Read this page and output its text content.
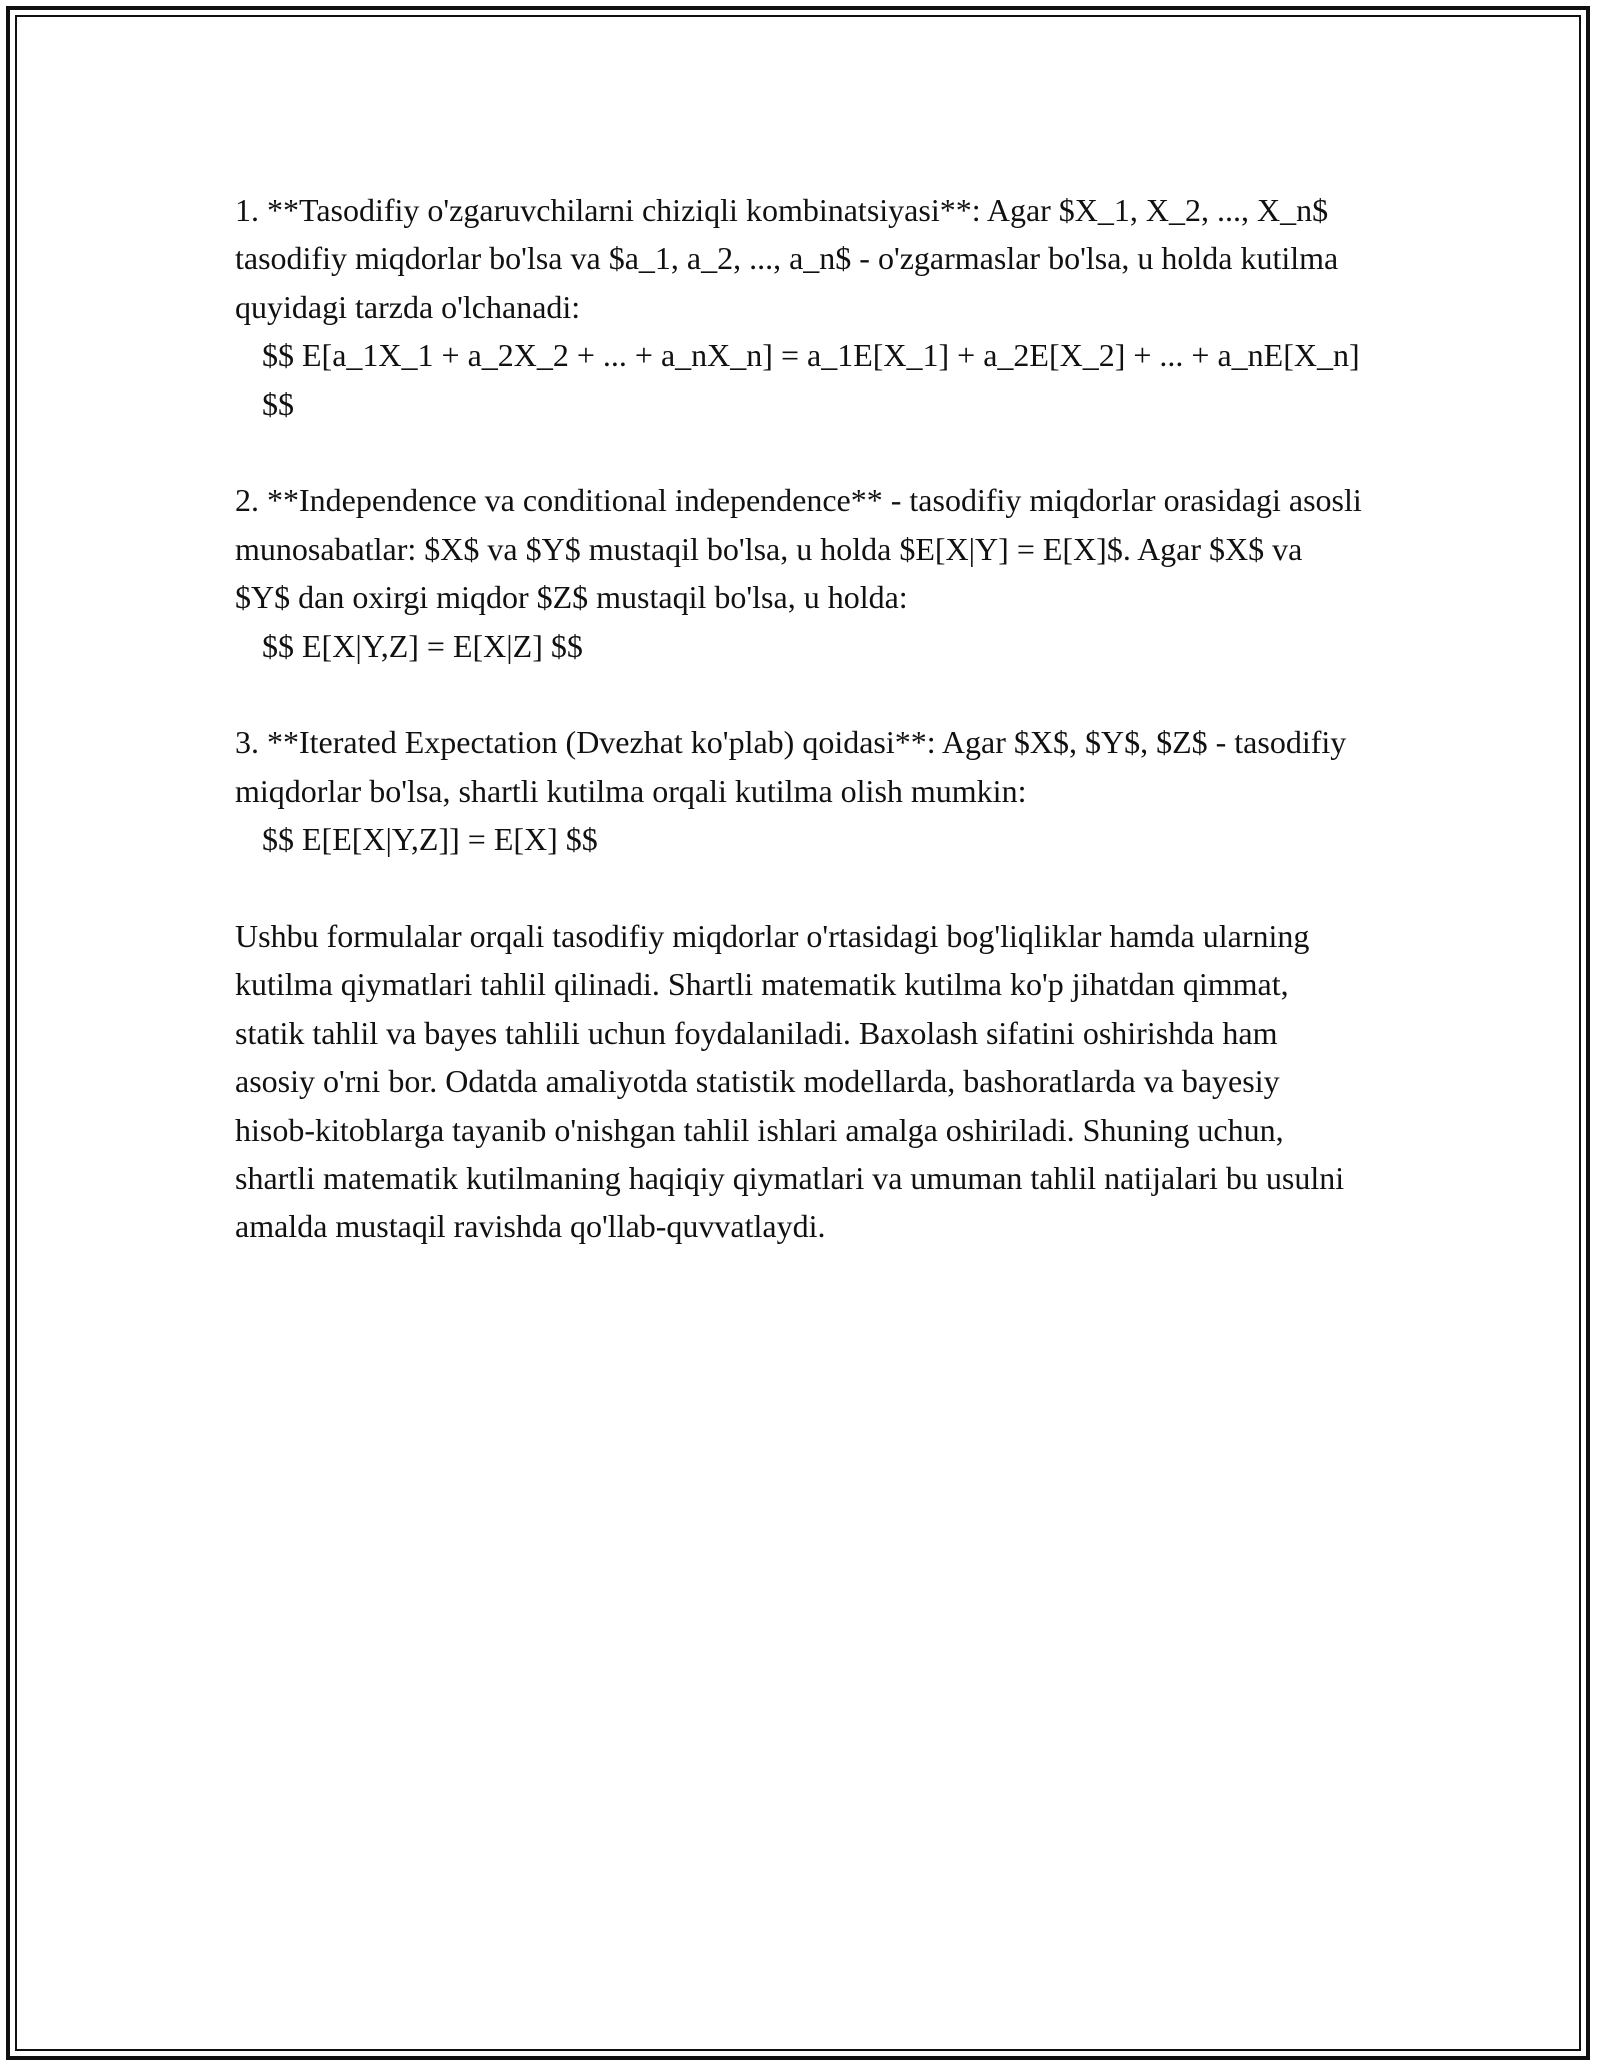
1. **Tasodifiy o'zgaruvchilarni chiziqli kombinatsiyasi**: Agar $X_1, X_2, ..., X_n$ tasodifiy miqdorlar bo'lsa va $a_1, a_2, ..., a_n$ - o'zgarmaslar bo'lsa, u holda kutilma quyidagi tarzda o'lchanadi:

$$ E[a_1X_1 + a_2X_2 + ... + a_nX_n] = a_1E[X_1] + a_2E[X_2] + ... + a_nE[X_n] $$

2. **Independence va conditional independence** - tasodifiy miqdorlar orasidagi asosli munosabatlar: $X$ va $Y$ mustaqil bo'lsa, u holda $E[X|Y] = E[X]$. Agar $X$ va $Y$ dan oxirgi miqdor $Z$ mustaqil bo'lsa, u holda:

$$ E[X|Y,Z] = E[X|Z] $$

3. **Iterated Expectation (Dvezhat ko'plab) qoidasi**: Agar $X$, $Y$, $Z$ - tasodifiy miqdorlar bo'lsa, shartli kutilma orqali kutilma olish mumkin:

$$ E[E[X|Y,Z]] = E[X] $$

Ushbu formulalar orqali tasodifiy miqdorlar o'rtasidagi bog'liqliklar hamda ularning kutilma qiymatlari tahlil qilinadi. Shartli matematik kutilma ko'p jihatdan qimmat, statik tahlil va bayes tahlili uchun foydalaniladi. Baxolash sifatini oshirishda ham asosiy o'rni bor. Odatda amaliyotda statistik modellarda, bashoratlarda va bayesiy hisob-kitoblarga tayanib o'nishgan tahlil ishlari amalga oshiriladi. Shuning uchun, shartli matematik kutilmaning haqiqiy qiymatlari va umuman tahlil natijalari bu usulni amalda mustaqil ravishda qo'llab-quvvatlaydi.
